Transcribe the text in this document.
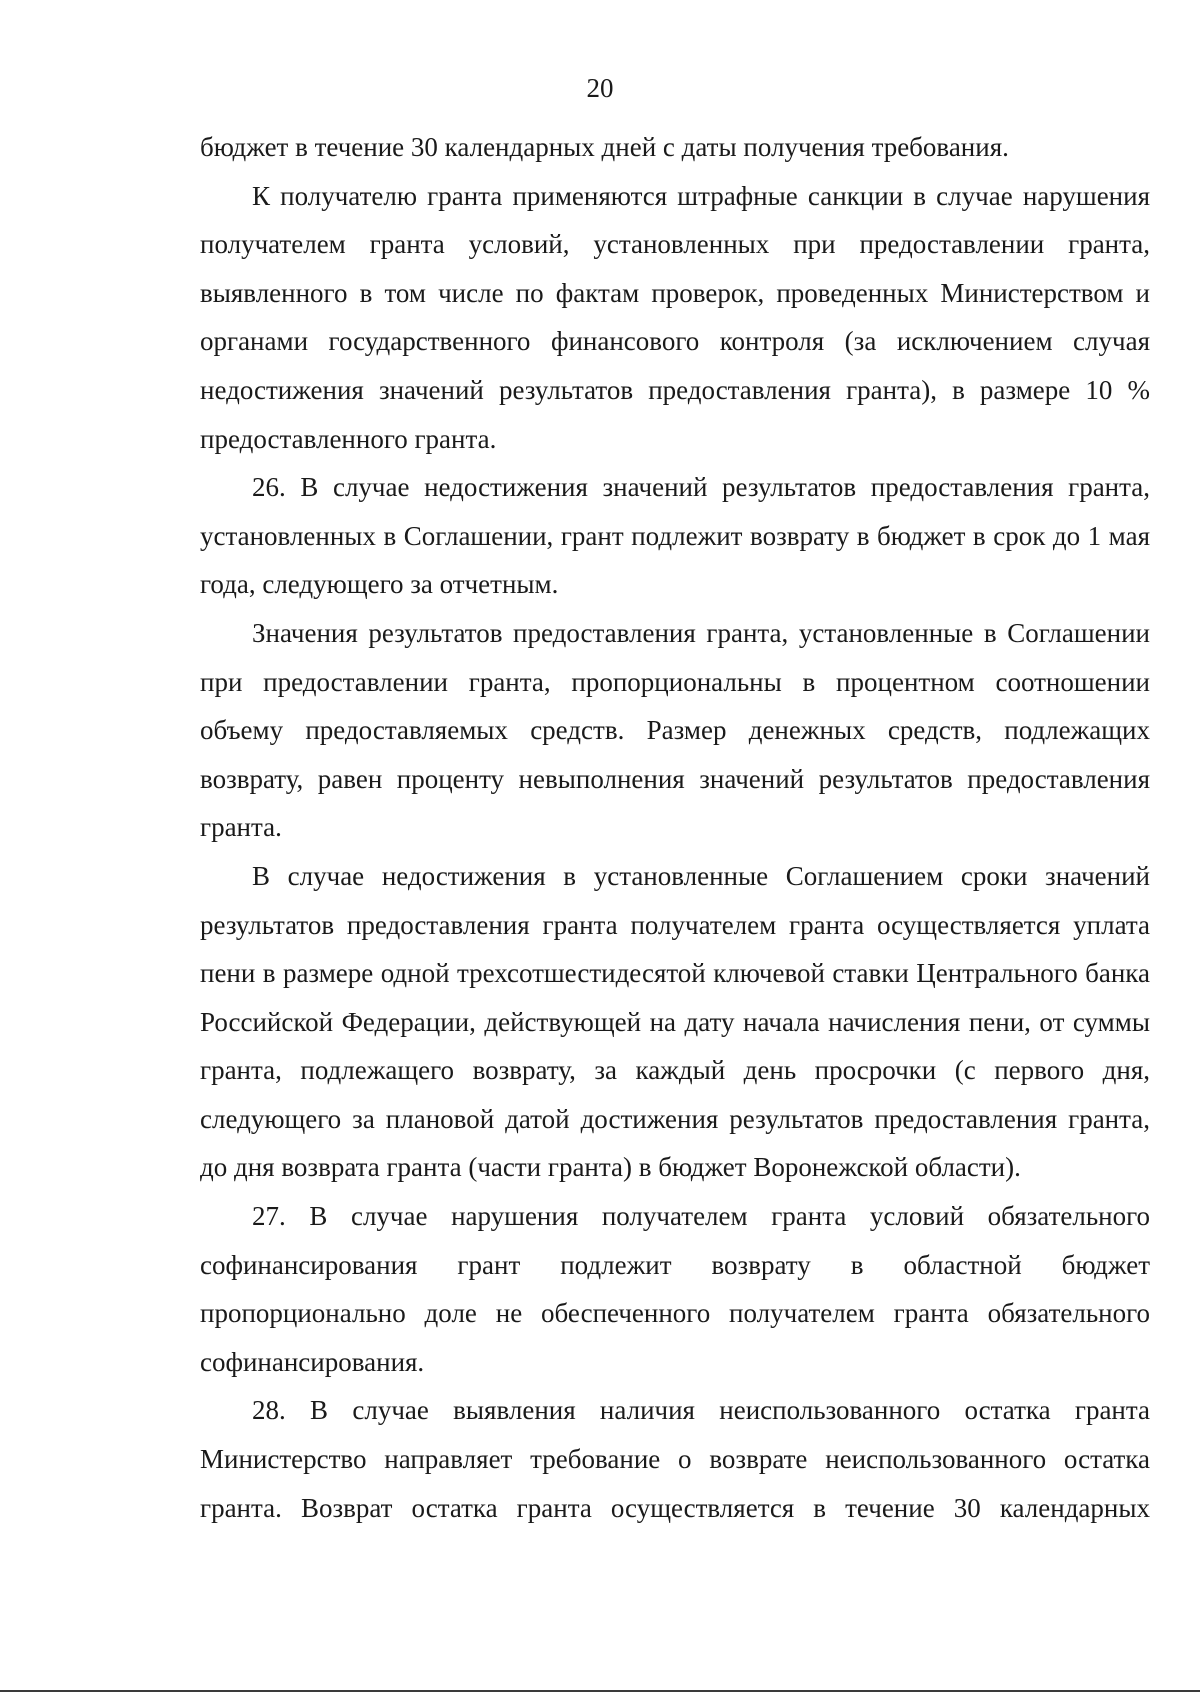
20

бюджет в течение 30 календарных дней с даты получения требования.

К получателю гранта применяются штрафные санкции в случае нарушения получателем гранта условий, установленных при предоставлении гранта, выявленного в том числе по фактам проверок, проведенных Министерством и органами государственного финансового контроля (за исключением случая недостижения значений результатов предоставления гранта), в размере 10 % предоставленного гранта.

26. В случае недостижения значений результатов предоставления гранта, установленных в Соглашении, грант подлежит возврату в бюджет в срок до 1 мая года, следующего за отчетным.

Значения результатов предоставления гранта, установленные в Соглашении при предоставлении гранта, пропорциональны в процентном соотношении объему предоставляемых средств. Размер денежных средств, подлежащих возврату, равен проценту невыполнения значений результатов предоставления гранта.

В случае недостижения в установленные Соглашением сроки значений результатов предоставления гранта получателем гранта осуществляется уплата пени в размере одной трехсотшестидесятой ключевой ставки Центрального банка Российской Федерации, действующей на дату начала начисления пени, от суммы гранта, подлежащего возврату, за каждый день просрочки (с первого дня, следующего за плановой датой достижения результатов предоставления гранта, до дня возврата гранта (части гранта) в бюджет Воронежской области).

27. В случае нарушения получателем гранта условий обязательного софинансирования грант подлежит возврату в областной бюджет пропорционально доле не обеспеченного получателем гранта обязательного софинансирования.

28. В случае выявления наличия неиспользованного остатка гранта Министерство направляет требование о возврате неиспользованного остатка гранта. Возврат остатка гранта осуществляется в течение 30 календарных
